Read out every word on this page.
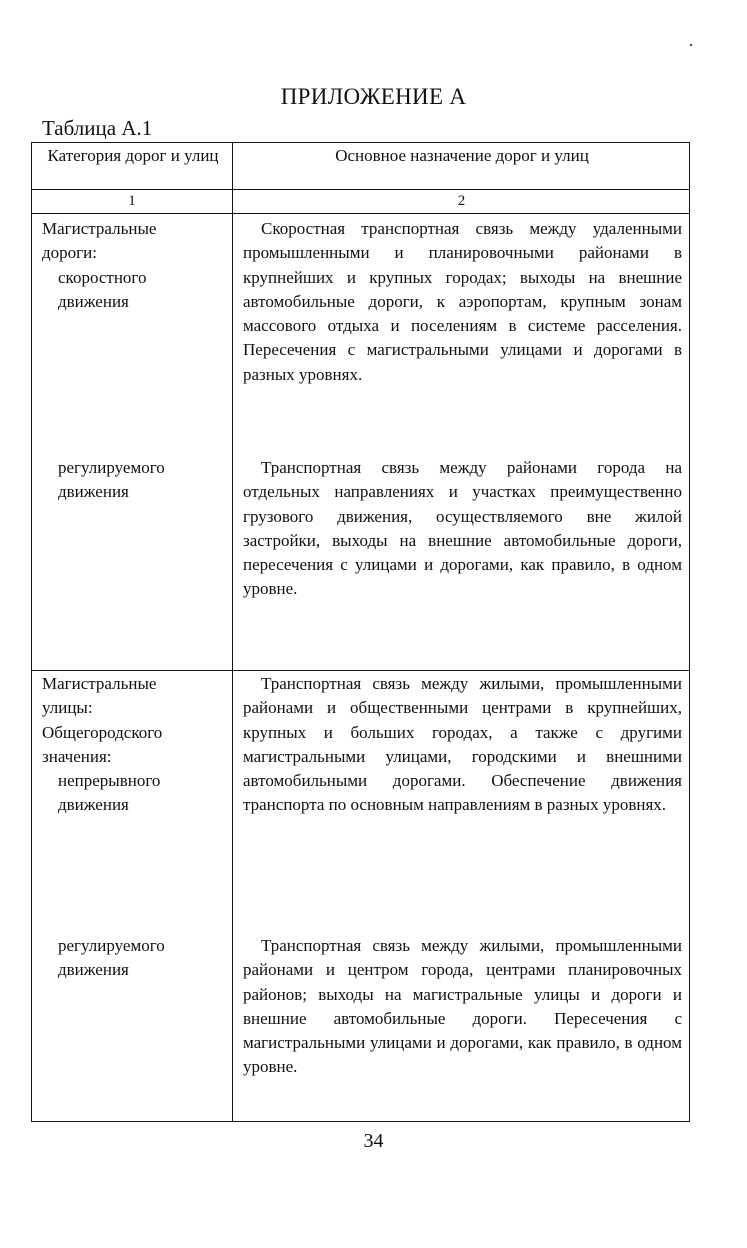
ПРИЛОЖЕНИЕ А
Таблица А.1
Категория дорог и улиц	Основное назначение дорог и улиц
1	2
Магистральные
дороги:

скоростного
движения
Скоростная транспортная связь между удаленными промышленными и планировочными районами в крупнейших и крупных городах; выходы на внешние автомобильные дороги, к аэропортам, крупным зонам массового отдыха и поселениям в системе расселения. Пересечения с магистральными улицами и дорогами в разных уровнях.
регулируемого
движения
Транспортная связь между районами города на отдельных направлениях и участках преимущественно грузового движения, осуществляемого вне жилой застройки, выходы на внешние автомобильные дороги, пересечения с улицами и дорогами, как правило, в одном уровне.
Магистральные
улицы:
Общегородского
значения:

непрерывного
движения
Транспортная связь между жилыми, промышленными районами и общественными центрами в крупнейших, крупных и больших городах, а также с другими магистральными улицами, городскими и внешними автомобильными дорогами. Обеспечение движения транспорта по основным направлениям в разных уровнях.
регулируемого
движения
Транспортная связь между жилыми, промышленными районами и центром города, центрами планировочных районов; выходы на магистральные улицы и дороги и внешние автомобильные дороги. Пересечения с магистральными улицами и дорогами, как правило, в одном уровне.
34
